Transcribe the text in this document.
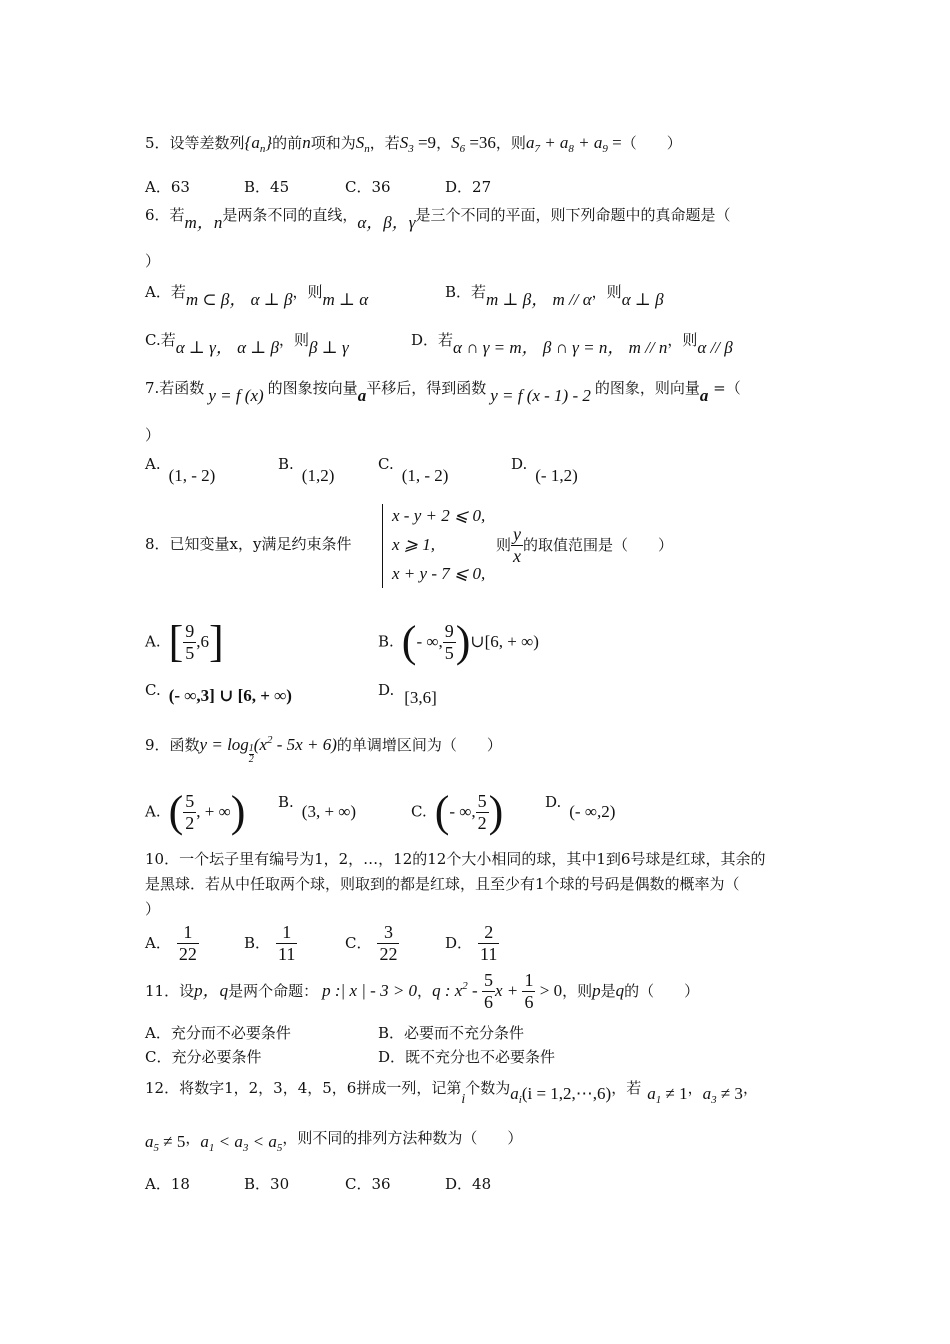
5．设等差数列$\{a_n\}$的前n项和为$S_n$，若$S_3 =9$，$S_6 =36$，则$a_7 + a_8 + a_9$ =（　　）
A．63	B．45	C．36	D．27
6．若m，n是两条不同的直线，α，β，γ是三个不同的平面，则下列命题中的真命题是（
）
A．若m ⊂ β， α ⊥ β，则m ⊥ α	B．若m ⊥ β， m // α，则α ⊥ β
C.若α ⊥ γ， α ⊥ β，则β ⊥ γ	D．若α ∩ γ = m， β ∩ γ = n， m // n，则α // β
7.若函数 y = f (x) 的图象按向量a平移后，得到函数 y = f (x - 1) - 2 的图象，则向量a =（
）
A.(1, - 2)
B.(1,2)
C.(1, - 2)
D.(- 1,2)
8．已知变量x，y满足约束条件
x - y + 2 ⩽ 0,
x ⩾ 1,
x + y - 7 ⩽ 0,
则 $\frac{y}{x}$ 的取值范围是（　　）
A. [ $\frac{9}{5} ,6$]	B. (- ∞, $\frac{9}{5}$ )∪[6, + ∞)
C. (- ∞,3] ∪ [6, + ∞)	D. [3,6]
9．函数$y = \log \frac{1}{2} (x^2 - 5x + 6)$的单调增区间为（　　）
A. ( $\frac{5}{2}$ , + ∞) B. (3, + ∞)	C. (- ∞, $\frac{5}{2}$ )	D. (- ∞,2)
10．一个坛子里有编号为1，2，…，12的12个大小相同的球，其中1到6号球是红球，其余的
是黑球．若从中任取两个球，则取到的都是红球，且至少有1个球的号码是偶数的概率为（
）
A． $\frac{1}{22}$	B． $\frac{1}{11}$	C． $\frac{3}{22}$	D． $\frac{2}{11}$
11．设p，q是两个命题： p :| x | - 3 > 0，q : $x^2 - \frac{5}{6}$ $x + \frac{1}{6} > 0$，则p是q的（　　）
A．充分而不必要条件	B．必要而不充分条件
C．充分必要条件	D．既不充分也不必要条件
12．将数字1，2，3，4，5，6拼成一列，记第i个数为$a_i(i$ = 1,2,⋯,6)，若 $a_1 \ne 1$，$a_3 \ne 3$，
$a_5 \ne 5$，$a_1 < a_3 < a_5$，则不同的排列方法种数为（　　）
A．18	B．30	C．36	D．48
